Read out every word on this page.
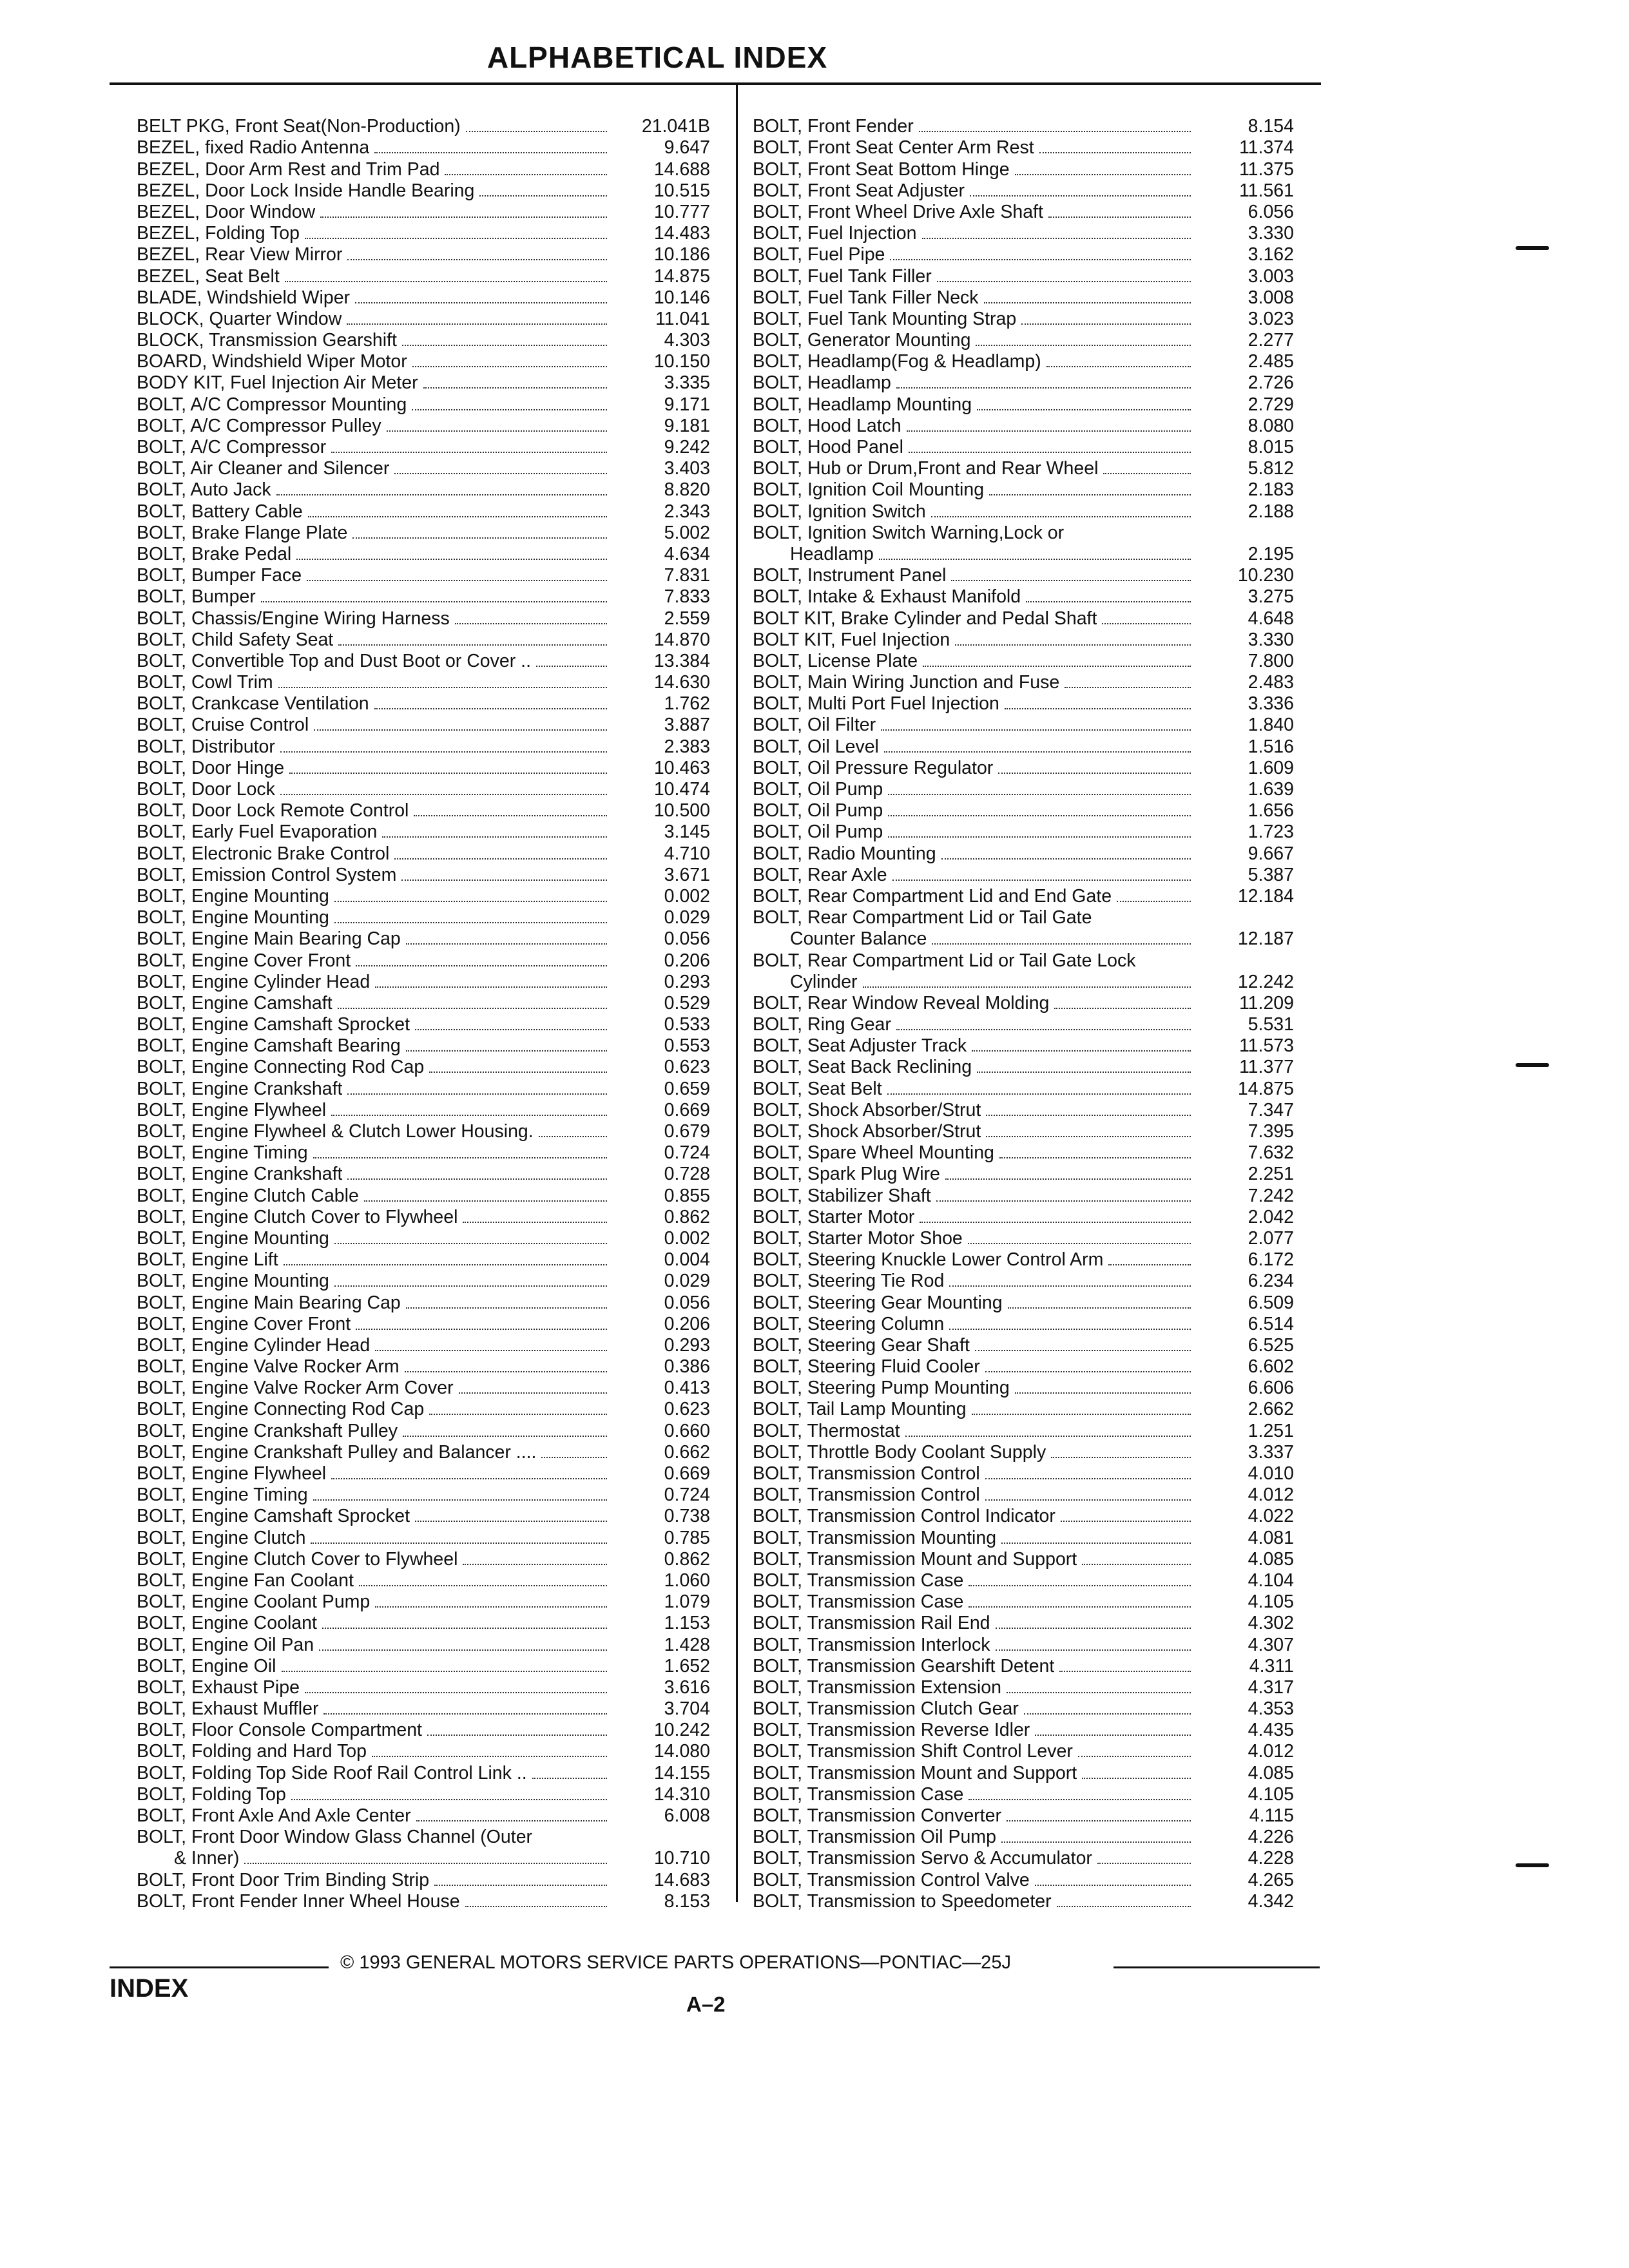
ALPHABETICAL INDEX
BELT PKG, Front Seat(Non-Production)	21.041B
BEZEL, fixed Radio Antenna	9.647
BEZEL, Door Arm Rest and Trim Pad	14.688
BEZEL, Door Lock Inside Handle Bearing	10.515
BEZEL, Door Window	10.777
BEZEL, Folding Top	14.483
BEZEL, Rear View Mirror	10.186
BEZEL, Seat Belt	14.875
BLADE, Windshield Wiper	10.146
BLOCK, Quarter Window	11.041
BLOCK, Transmission Gearshift	4.303
BOARD, Windshield Wiper Motor	10.150
BODY KIT, Fuel Injection Air Meter	3.335
BOLT, A/C Compressor Mounting	9.171
BOLT, A/C Compressor Pulley	9.181
BOLT, A/C Compressor	9.242
BOLT, Air Cleaner and Silencer	3.403
BOLT, Auto Jack	8.820
BOLT, Battery Cable	2.343
BOLT, Brake Flange Plate	5.002
BOLT, Brake Pedal	4.634
BOLT, Bumper Face	7.831
BOLT, Bumper	7.833
BOLT, Chassis/Engine Wiring Harness	2.559
BOLT, Child Safety Seat	14.870
BOLT, Convertible Top and Dust Boot or Cover ..	13.384
BOLT, Cowl Trim	14.630
BOLT, Crankcase Ventilation	1.762
BOLT, Cruise Control	3.887
BOLT, Distributor	2.383
BOLT, Door Hinge	10.463
BOLT, Door Lock	10.474
BOLT, Door Lock Remote Control	10.500
BOLT, Early Fuel Evaporation	3.145
BOLT, Electronic Brake Control	4.710
BOLT, Emission Control System	3.671
BOLT, Engine Mounting	0.002
BOLT, Engine Mounting	0.029
BOLT, Engine Main Bearing Cap	0.056
BOLT, Engine Cover Front	0.206
BOLT, Engine Cylinder Head	0.293
BOLT, Engine Camshaft	0.529
BOLT, Engine Camshaft Sprocket	0.533
BOLT, Engine Camshaft Bearing	0.553
BOLT, Engine Connecting Rod Cap	0.623
BOLT, Engine Crankshaft	0.659
BOLT, Engine Flywheel	0.669
BOLT, Engine Flywheel & Clutch Lower Housing.	0.679
BOLT, Engine Timing	0.724
BOLT, Engine Crankshaft	0.728
BOLT, Engine Clutch Cable	0.855
BOLT, Engine Clutch Cover to Flywheel	0.862
BOLT, Engine Mounting	0.002
BOLT, Engine Lift	0.004
BOLT, Engine Mounting	0.029
BOLT, Engine Main Bearing Cap	0.056
BOLT, Engine Cover Front	0.206
BOLT, Engine Cylinder Head	0.293
BOLT, Engine Valve Rocker Arm	0.386
BOLT, Engine Valve Rocker Arm Cover	0.413
BOLT, Engine Connecting Rod Cap	0.623
BOLT, Engine Crankshaft Pulley	0.660
BOLT, Engine Crankshaft Pulley and Balancer ....	0.662
BOLT, Engine Flywheel	0.669
BOLT, Engine Timing	0.724
BOLT, Engine Camshaft Sprocket	0.738
BOLT, Engine Clutch	0.785
BOLT, Engine Clutch Cover to Flywheel	0.862
BOLT, Engine Fan Coolant	1.060
BOLT, Engine Coolant Pump	1.079
BOLT, Engine Coolant	1.153
BOLT, Engine Oil Pan	1.428
BOLT, Engine Oil	1.652
BOLT, Exhaust Pipe	3.616
BOLT, Exhaust Muffler	3.704
BOLT, Floor Console Compartment	10.242
BOLT, Folding and Hard Top	14.080
BOLT, Folding Top Side Roof Rail Control Link ..	14.155
BOLT, Folding Top	14.310
BOLT, Front Axle And Axle Center	6.008
BOLT, Front Door Window Glass Channel (Outer
& Inner)	10.710
BOLT, Front Door Trim Binding Strip	14.683
BOLT, Front Fender Inner Wheel House	8.153
BOLT, Front Fender	8.154
BOLT, Front Seat Center Arm Rest	11.374
BOLT, Front Seat Bottom Hinge	11.375
BOLT, Front Seat Adjuster	11.561
BOLT, Front Wheel Drive Axle Shaft	6.056
BOLT, Fuel Injection	3.330
BOLT, Fuel Pipe	3.162
BOLT, Fuel Tank Filler	3.003
BOLT, Fuel Tank Filler Neck	3.008
BOLT, Fuel Tank Mounting Strap	3.023
BOLT, Generator Mounting	2.277
BOLT, Headlamp(Fog & Headlamp)	2.485
BOLT, Headlamp	2.726
BOLT, Headlamp Mounting	2.729
BOLT, Hood Latch	8.080
BOLT, Hood Panel	8.015
BOLT, Hub or Drum,Front and Rear Wheel	5.812
BOLT, Ignition Coil Mounting	2.183
BOLT, Ignition Switch	2.188
BOLT, Ignition Switch Warning,Lock or
Headlamp	2.195
BOLT, Instrument Panel	10.230
BOLT, Intake & Exhaust Manifold	3.275
BOLT KIT, Brake Cylinder and Pedal Shaft	4.648
BOLT KIT, Fuel Injection	3.330
BOLT, License Plate	7.800
BOLT, Main Wiring Junction and Fuse	2.483
BOLT, Multi Port Fuel Injection	3.336
BOLT, Oil Filter	1.840
BOLT, Oil Level	1.516
BOLT, Oil Pressure Regulator	1.609
BOLT, Oil Pump	1.639
BOLT, Oil Pump	1.656
BOLT, Oil Pump	1.723
BOLT, Radio Mounting	9.667
BOLT, Rear Axle	5.387
BOLT, Rear Compartment Lid and End Gate	12.184
BOLT, Rear Compartment Lid or Tail Gate
Counter Balance	12.187
BOLT, Rear Compartment Lid or Tail Gate Lock
Cylinder	12.242
BOLT, Rear Window Reveal Molding	11.209
BOLT, Ring Gear	5.531
BOLT, Seat Adjuster Track	11.573
BOLT, Seat Back Reclining	11.377
BOLT, Seat Belt	14.875
BOLT, Shock Absorber/Strut	7.347
BOLT, Shock Absorber/Strut	7.395
BOLT, Spare Wheel Mounting	7.632
BOLT, Spark Plug Wire	2.251
BOLT, Stabilizer Shaft	7.242
BOLT, Starter Motor	2.042
BOLT, Starter Motor Shoe	2.077
BOLT, Steering Knuckle Lower Control Arm	6.172
BOLT, Steering Tie Rod	6.234
BOLT, Steering Gear Mounting	6.509
BOLT, Steering Column	6.514
BOLT, Steering Gear Shaft	6.525
BOLT, Steering Fluid Cooler	6.602
BOLT, Steering Pump Mounting	6.606
BOLT, Tail Lamp Mounting	2.662
BOLT, Thermostat	1.251
BOLT, Throttle Body Coolant Supply	3.337
BOLT, Transmission Control	4.010
BOLT, Transmission Control	4.012
BOLT, Transmission Control Indicator	4.022
BOLT, Transmission Mounting	4.081
BOLT, Transmission Mount and Support	4.085
BOLT, Transmission Case	4.104
BOLT, Transmission Case	4.105
BOLT, Transmission Rail End	4.302
BOLT, Transmission Interlock	4.307
BOLT, Transmission Gearshift Detent	4.311
BOLT, Transmission Extension	4.317
BOLT, Transmission Clutch Gear	4.353
BOLT, Transmission Reverse Idler	4.435
BOLT, Transmission Shift Control Lever	4.012
BOLT, Transmission Mount and Support	4.085
BOLT, Transmission Case	4.105
BOLT, Transmission Converter	4.115
BOLT, Transmission Oil Pump	4.226
BOLT, Transmission Servo & Accumulator	4.228
BOLT, Transmission Control Valve	4.265
BOLT, Transmission to Speedometer	4.342
© 1993 GENERAL MOTORS SERVICE PARTS OPERATIONS—PONTIAC—25J
INDEX
A–2
